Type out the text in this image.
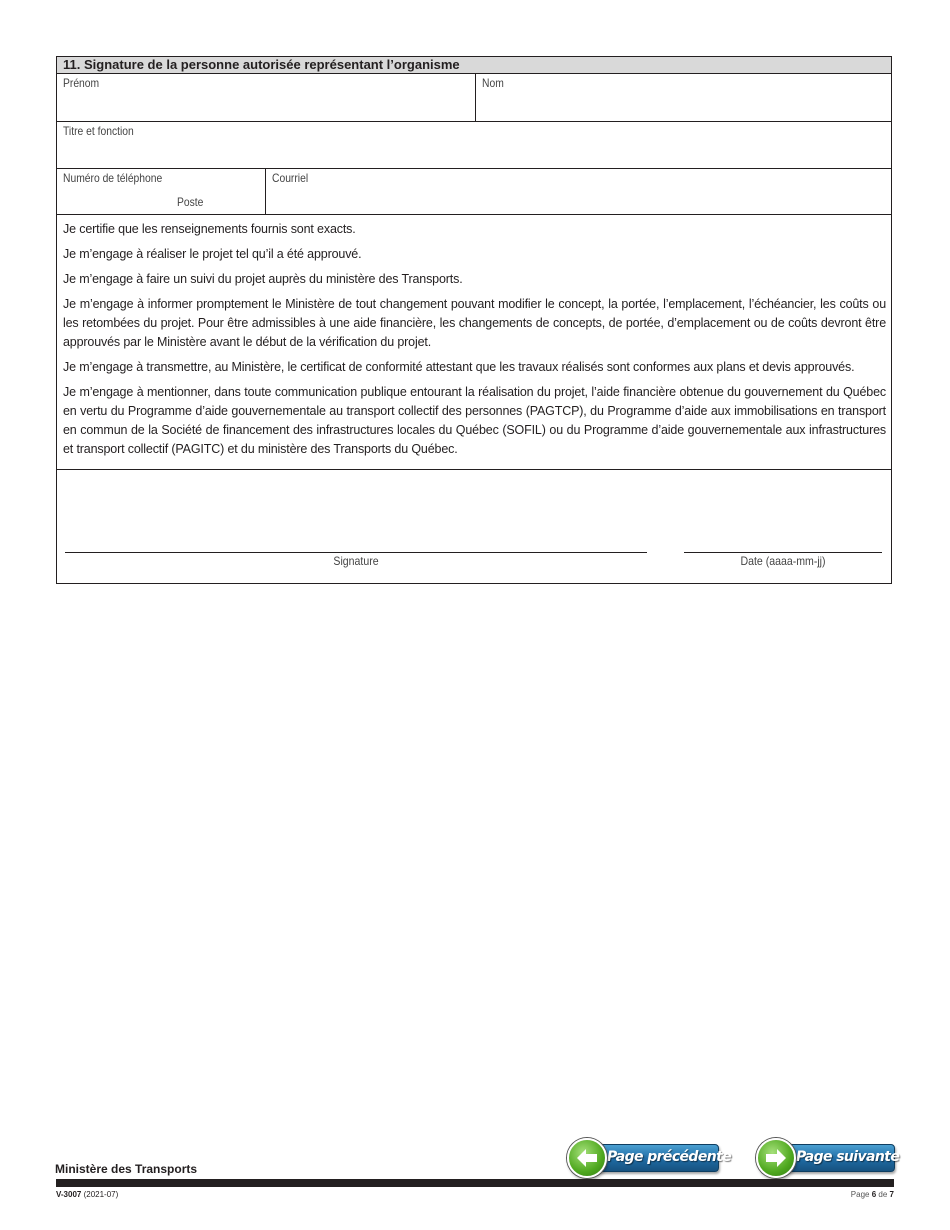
11. Signature de la personne autorisée représentant l’organisme
Prénom	Nom
Titre et fonction
Numéro de téléphone
Poste
Courriel

Je certifie que les renseignements fournis sont exacts.

Je m’engage à réaliser le projet tel qu’il a été approuvé.

Je m’engage à faire un suivi du projet auprès du ministère des Transports.

Je m’engage à informer promptement le Ministère de tout changement pouvant modifier le concept, la portée, l’emplacement, l’échéancier, les coûts ou les retombées du projet. Pour être admissibles à une aide financière, les changements de concepts, de portée, d’emplacement ou de coûts devront être approuvés par le Ministère avant le début de la vérification du projet.

Je m’engage à transmettre, au Ministère, le certificat de conformité attestant que les travaux réalisés sont conformes aux plans et devis approuvés.

Je m’engage à mentionner, dans toute communication publique entourant la réalisation du projet, l’aide financière obtenue du gouvernement du Québec en vertu du Programme d’aide gouvernementale au transport collectif des personnes (PAGTCP), du Programme d’aide aux immobilisations en transport en commun de la Société de financement des infrastructures locales du Québec (SOFIL) ou du Programme d’aide gouvernementale aux infrastructures et transport collectif (PAGITC) et du ministère des Transports du Québec.

Signature	Date (aaaa-mm-jj)
Page précédente	Page suivante
Ministère des Transports
V-3007 (2021-07)	Page 6 de 7
